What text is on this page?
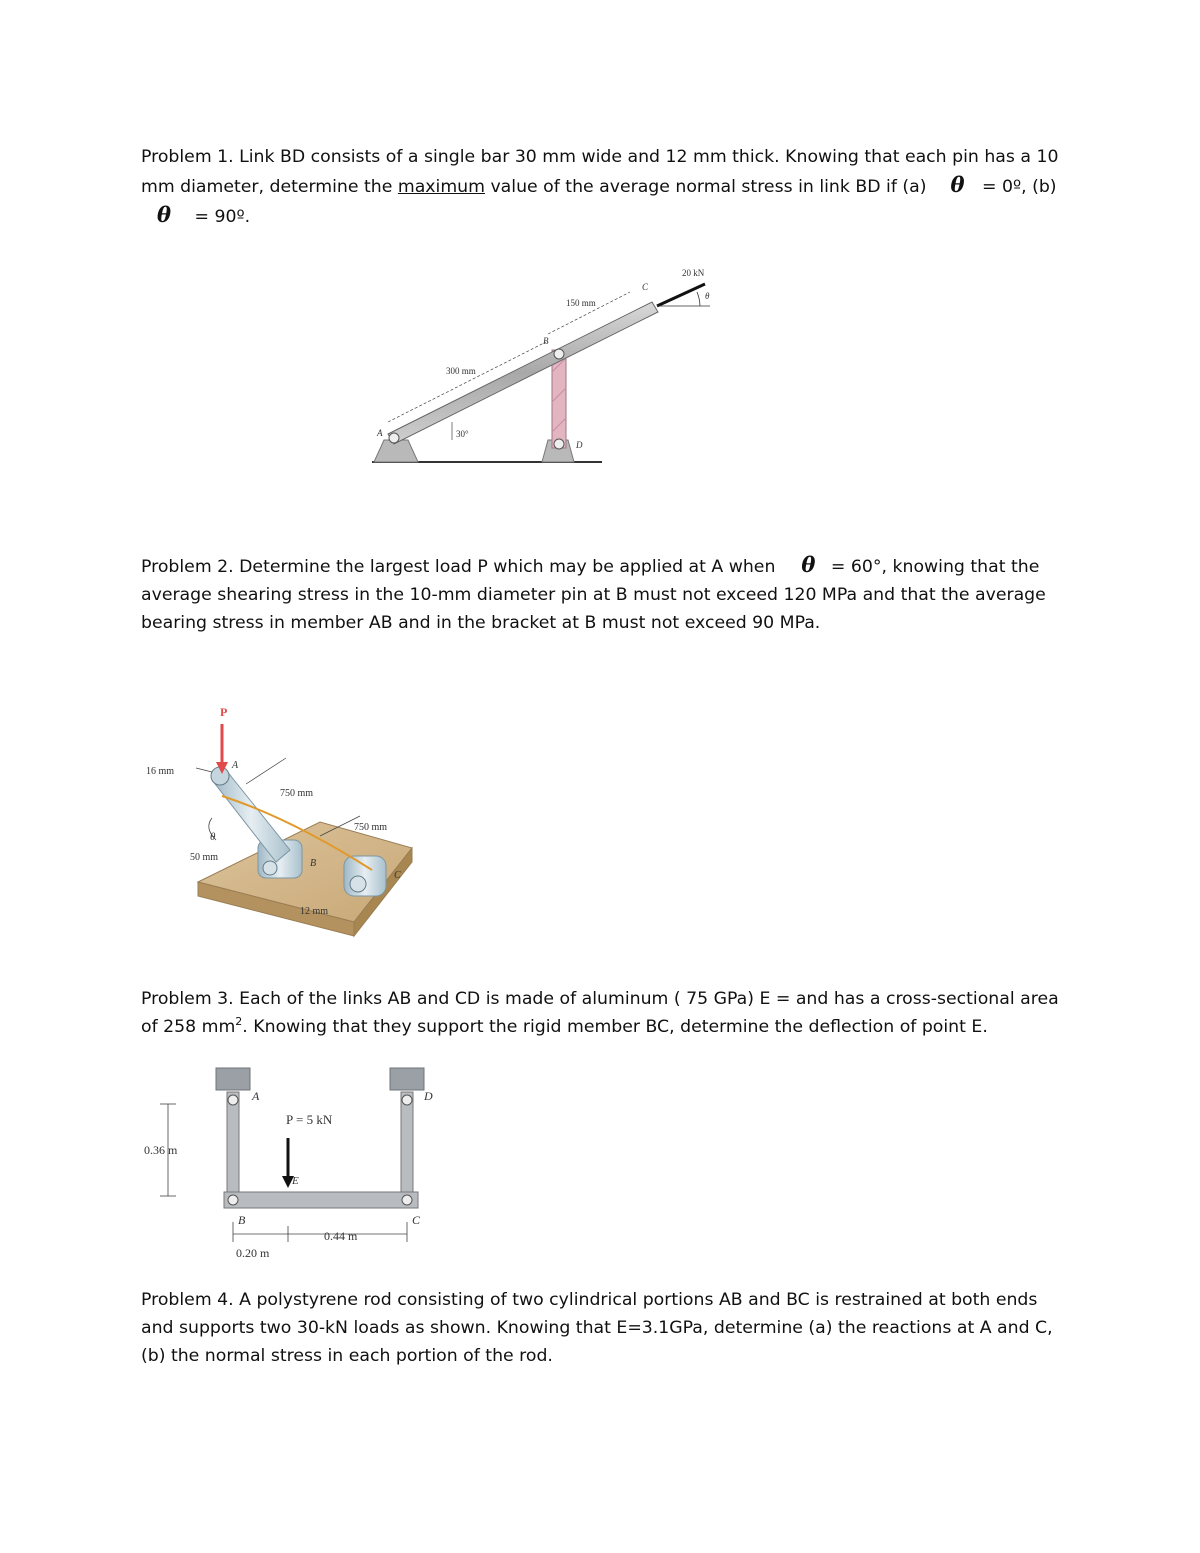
Problem 1. Link BD consists of a single bar 30 mm wide and 12 mm thick. Knowing that each pin has a 10

mm diameter, determine the maximum value of the average normal stress in link BD if (a) θ = 0º, (b)

θ = 90º.

20 kN
150 mm
300 mm
30°
θ
A
B
C
D

Problem 2. Determine the largest load P which may be applied at A when θ = 60°, knowing that the

average shearing stress in the 10-mm diameter pin at B must not exceed 120 MPa and that the average

bearing stress in member AB and in the bracket at B must not exceed 90 MPa.

P
A
B
C
16 mm
750 mm
750 mm
50 mm
12 mm
θ

Problem 3. Each of the links AB and CD is made of aluminum ( 75 GPa) E = and has a cross-sectional area

of 258 $mm^2$. Knowing that they support the rigid member BC, determine the deflection of point E.

A	D
B	C
E
P = 5 kN
0.36 m
0.20 m
0.44 m

Problem 4. A polystyrene rod consisting of two cylindrical portions AB and BC is restrained at both ends

and supports two 30-kN loads as shown. Knowing that E=3.1GPa, determine (a) the reactions at A and C,

(b) the normal stress in each portion of the rod.
